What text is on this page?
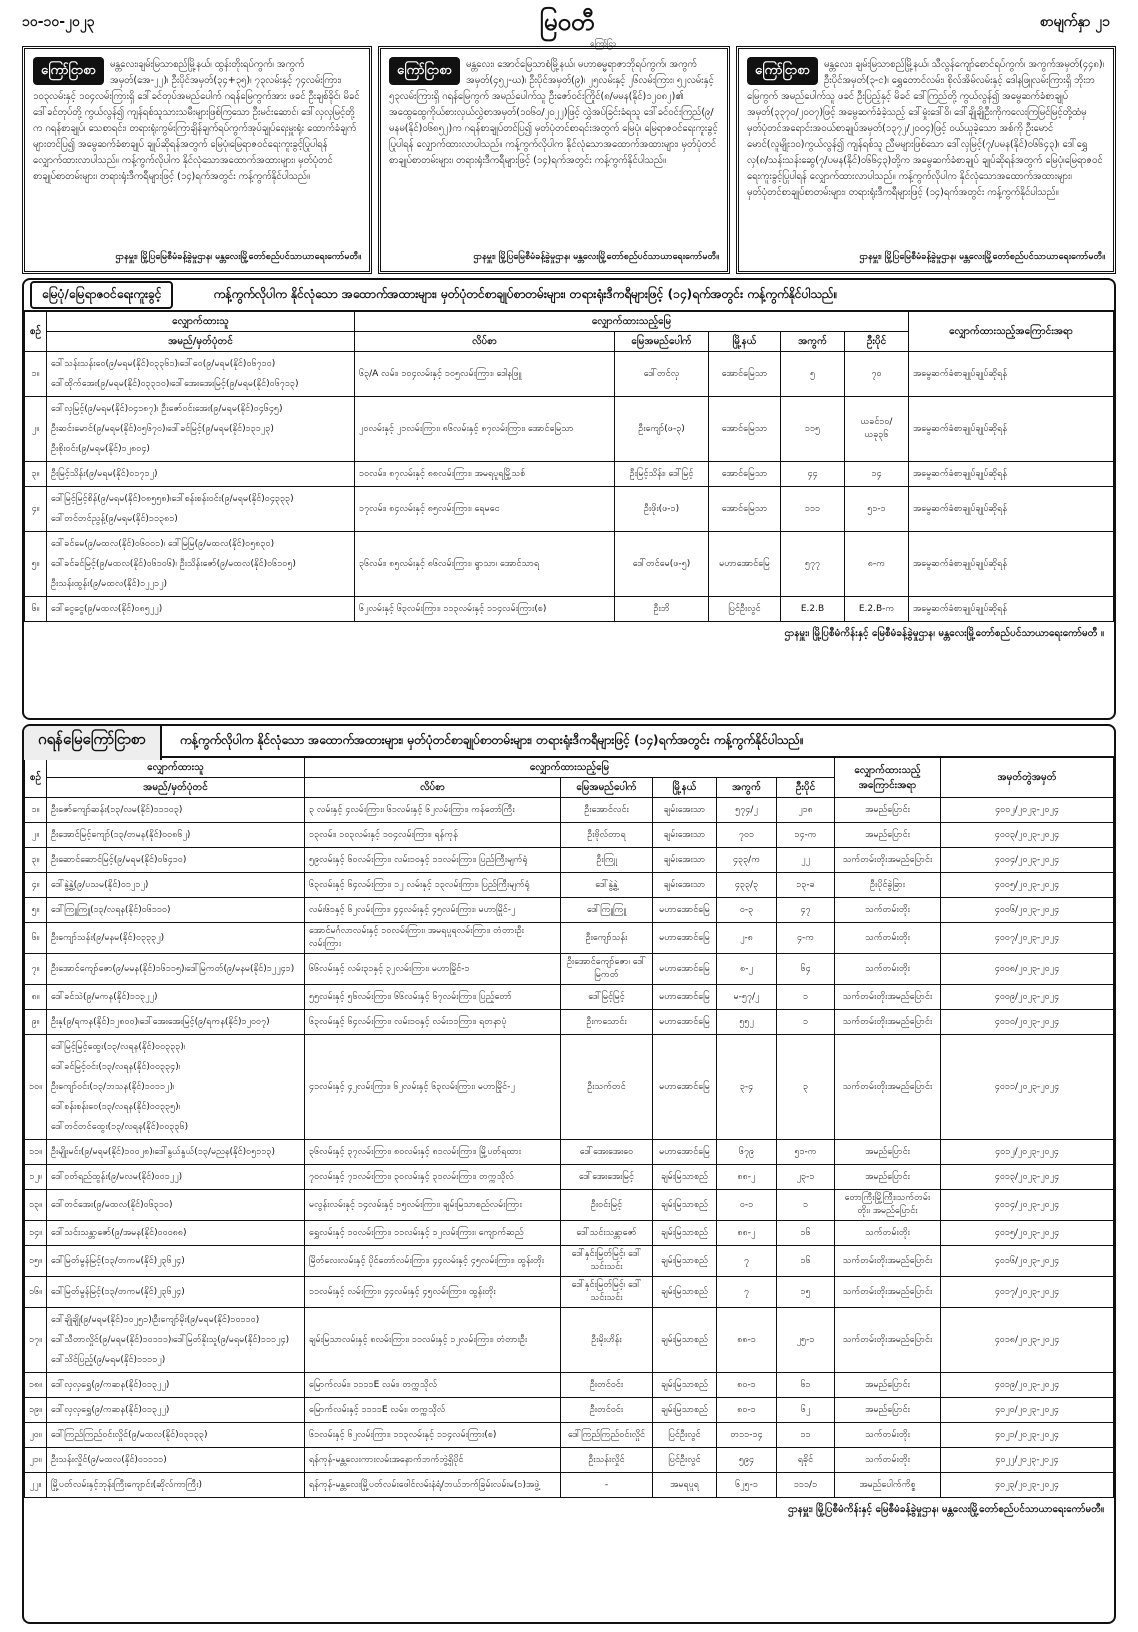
၁၀-၁၀-၂၀၂၃	မြဝတီ
ကြော်ငြာ
စာမျက်နှာ ၂၁
ကြော်ငြာစာ	မန္တလေး၊ချမ်းမြသာစည်မြို့နယ်၊ ထွန်းတိုးရပ်ကွက်၊ အကွက်အမှတ်(အေ-၂၂)၊ ဦးပိုင်အမှတ်(၃၄+၃၅)၊ ၇၃လမ်းနှင့် ၇၄လမ်းကြား၊ ၁၀၃လမ်းနှင့် ၁၀၄လမ်းကြားရှိ ဒေါ်ခင်တုပ်အမည်ပေါက် ဂရန်မြေကွက်အား ဖခင် ဦးချစ်ခိုင်၊ မိခင် ဒေါ်ခင်တုပ်တို့ ကွယ်လွန်၍ ကျန်ရစ်သူသားသမီးများဖြစ်ကြသော ဦးမင်းဆောင်၊ ဒေါ်လှလှမြင့်တို့က ဂရန်စာချုပ်၊ သေစာရင်း၊ တရားရုံးကွမ်းကြာချိန်ချက်ရပ်ကွက်အုပ်ချုပ်ရေးမှူးရုံး ထောက်ခံချက်များတင်ပြ၍ အမွေဆက်ခံစာချုပ် ချုပ်ဆိုရန်အတွက် မြေပုံ၊မြေရာဇဝင်ရေးကူးခွင့်ပြုပါရန် လျှောက်ထားလာပါသည်။ ကန့်ကွက်လိုပါက နိုင်လုံသောအထောက်အထားများ၊ မှတ်ပုံတင်စာချုပ်စာတမ်းများ၊ တရားရုံးဒီကရီများဖြင့် (၁၄)ရက်အတွင်း ကန့်ကွက်နိုင်ပါသည်။
ဌာနမှူး၊ မြို့ပြမြေစီမံခန့်ခွဲမှုဌာန၊ မန္တလေးမြို့တော်စည်ပင်သာယာရေးကော်မတီ။
ကြော်ငြာစာ	မန္တလေး၊ အောင်မြေသာစံမြို့နယ်၊ မဟာဓမ္မရာဇာဘိုရပ်ကွက်၊ အကွက်အမှတ်(၄၅၂-ဃ)၊ ဦးပိုင်အမှတ်(၉)၊ ၂၅လမ်းနှင့် ၂၆လမ်းကြား၊ ၅၂လမ်းနှင့် ၅၃လမ်းကြားရှိ ဂရန်မြေကွက် အမည်ပေါက်သူ ဦးဇော်ဝင်းကြိုင်(၈/မမန(နိုင်)၁၂၀၈၂)၏ အထွေထွေကိုယ်စားလှယ်လွှဲစာအမှတ်(၁၀၆၀/၂၀၂၂)ဖြင့် လွှဲအပ်ခြင်းခံရသူ ဒေါ်ခင်ဝင်းကြည်(၉/မနမ(နိုင်)၀၆၈၅၂)က ဂရန်စာချုပ်တင်ပြ၍ မှတ်ပုံတင်စာရင်းအတွက် မြေပုံ၊ မြေရာဇဝင်ရေးကူးခွင့်ပြုပါရန် လျှောက်ထားလာပါသည်။ ကန့်ကွက်လိုပါက နိုင်လုံသောအထောက်အထားများ၊ မှတ်ပုံတင်စာချုပ်စာတမ်းများ၊ တရားရုံးဒီကရီများဖြင့် (၁၄)ရက်အတွင်း ကန့်ကွက်နိုင်ပါသည်။
ဌာနမှူး၊ မြို့ပြမြေစီမံခန့်ခွဲမှုဌာန၊ မန္တလေးမြို့တော်စည်ပင်သာယာရေးကော်မတီ။
ကြော်ငြာစာ	မန္တလေး၊ ချမ်းမြသာစည်မြို့နယ်၊ သီလွန်ကျော်စောင်ရပ်ကွက်၊ အကွက်အမှတ်(၄၄၈)၊ ဦးပိုင်အမှတ်(၃-င)၊ ရွှေတောင်လမ်း၊ စိုလ်အိမ်လမ်းနှင့် ဒေါနဖြူလမ်းကြားရှိ ဘိုးဘမြေကွက် အမည်ပေါက်သူ ဖခင် ဦးပြည့်နှင့် မိခင် ဒေါ်ကြည်တို့ ကွယ်လွန်၍ အမွေဆက်ခံစာချုပ်အမှတ်(၃၃၇၀/၂၀၀၇)ဖြင့် အမွေဆက်ခံခဲ့သည့် ဒေါ်မှုံးဒေါ်ဝိ၊ ဒေါ်ချိုချိုဦးကိုကလေးကြမြင်မြင့်တို့ထံမှ မှတ်ပုံတင်အရောင်းအဝယ်စာချုပ်အမှတ်(၁၃၇၂/၂၀၀၄)ဖြင့် ဝယ်ယူခဲ့သော အစ်ကို ဦးမောင်မောင်(လူမျိုး၁၀)ကွယ်လွန်၍ ကျန်ရစ်သူ ညီမများဖြစ်သော ဒေါ်လှမြင့်(၇/ပမန(နိုင်)၀၆၆၄၃)၊ ဒေါ်ရွှေလှ(၈/သန်းသန်းဆွေ(၇/ပမန(နိုင်)၀၆၆၄၃)တို့က အမွေဆက်ခံစာချုပ် ချုပ်ဆိုရန်အတွက် မြေပုံ၊မြေရာဇဝင် ရေးကူးခွင့်ပြုပါရန် လျှောက်ထားလာပါသည်။ ကန့်ကွက်လိုပါက နိုင်လုံသောအထောက်အထားများ၊ မှတ်ပုံတင်စာချုပ်စာတမ်းများ၊ တရားရုံးဒီကရီများဖြင့် (၁၄)ရက်အတွင်း ကန့်ကွက်နိုင်ပါသည်။
ဌာနမှူး၊ မြို့ပြမြေစီမံခန့်ခွဲမှုဌာန၊ မန္တလေးမြို့တော်စည်ပင်သာယာရေးကော်မတီ။
မြေပုံ/မြေရာဇဝင်ရေးကူးခွင့်	ကန့်ကွက်လိုပါက နိုင်လုံသော အထောက်အထားများ၊ မှတ်ပုံတင်စာချုပ်စာတမ်းများ၊ တရားရုံးဒီကရီများဖြင့် (၁၄)ရက်အတွင်း ကန့်ကွက်နိုင်ပါသည်။
စဉ်	လျှောက်ထားသူ	လျှောက်ထားသည့်မြေ					လျှောက်ထားသည့်အကြောင်းအရာ
	အမည်/မှတ်ပုံတင်	လိပ်စာ	မြေအမည်ပေါက်	မြို့နယ်	အကွက်	ဦးပိုင်	
၁။	ဒေါ်သန်းသန်းဝေ(၉/မရမ(နိုင်)၀၃၃၆၁)၊ဒေါ်ဝေ(၉/မရမ(နိုင်)၀၆၇၁၀)
ဒေါ်ထိုက်အေး(၉/မရမ(နိုင်)၀၃၃၁၀)၊ဒေါ်အေးအေးမြင့်(၉/မရမ(နိုင်)၀၆၇၁၃)	၆၃/A လမ်း၊ ၁၀၄လမ်းနှင့် ၁၀၅လမ်းကြား၊ ဒေါနဖြူ	ဒေါ်တင်လှ	အောင်မြေသာ	၅	၇၀	အမွေဆက်ခံစာချုပ်ချုပ်ဆိုရန်
၂။	ဒေါ်လှမြင့်(၉/မရမ(နိုင်)၀၄၁၈၇)၊ ဦးဇော်ဝင်းအေး(၉/မရမ(နိုင်)၀၄၆၄၅)
ဦးဆင်းမောင်(၉/မရမ(နိုင်)၀၅၆၇၀)၊ဒေါ်ခင်မြင့်(၉/မရမ(နိုင်)၁၃၁၂၃)
ဦးစိုးဝင်း(၉/မရမ(နိုင်)၁၂၈၀၄)	၂၀လမ်းနှင့် ၂၁လမ်းကြား၊ ၈၆လမ်းနှင့် ၈၇လမ်းကြား၊ အောင်မြေသာ	ဦးကျော်(ဖ-၃)	အောင်မြေသာ	၁၁၅	ယခင်၁၀/ယခု၃၆	အမွေဆက်ခံစာချုပ်ချုပ်ဆိုရန်
၃။	ဦးမြင့်သိန်း(၉/မရမ(နိုင်)၀၁၇၁၂)	၁၀လမ်း၊ ၈၇လမ်းနှင့် ၈၈လမ်းကြား၊ အမရပူရမြို့သစ်	ဦးမြင့်သိန်း၊ ဒေါ်မြင့်	အောင်မြေသာ	၄၄	၁၄	အမွေဆက်ခံစာချုပ်ချုပ်ဆိုရန်
၄။	ဒေါ်မြင့်မြင့်စိန်(၉/မရမ(နိုင်)၀၈၅၅၈)၊ဒေါ်စန်းစန်းဝင်း(၉/မရမ(နိုင်)၀၄၃၃၃)
ဒေါ်တင်တင်ညွန့်(၉/မရမ(နိုင်)၁၁၃၈၁)	၁၇လမ်း၊ ၈၄လမ်းနှင့် ၈၅လမ်းကြား၊ ရေမငေ	ဦးဖိုး(ဖ-၁)	အောင်မြေသာ	၁၁၁	၅၁-၁	အမွေဆက်ခံစာချုပ်ချုပ်ဆိုရန်
၅။	ဒေါ်ခင်မေ(၉/မထလ(နိုင်)၀၆၀၀၁)၊ ဒေါ်မြမြ(၉/မထလ(နိုင်)၀၅၈၃၀)
ဒေါ်ခင်ခင်မြင့်(၉/မထလ(နိုင်)၀၆၁၀၆)၊ ဦးသိန်းဇော်(၉/မထလ(နိုင်)၀၆၁၀၅)
ဦးသန်းထွန်း(၉/မထလ(နိုင်)၁၂၂၁၂)	၃၆လမ်း၊ ၈၅လမ်းနှင့် ၈၆လမ်းကြား၊ ရွာသာ၊ အောင်သာရ	ဒေါ်တင်မေ(ဖ-၅)	မဟာအောင်မြေ	၅၇၇	၈-က	အမွေဆက်ခံစာချုပ်ချုပ်ဆိုရန်
၆။	ဒေါ်ငွေငွေ(၉/မထလ(နိုင်)၀၈၅၂၂)	၆၂လမ်းနှင့် ၆၃လမ်းကြား၊ ၁၁၃လမ်းနှင့် ၁၁၄လမ်းကြား(စ)	ဦးဘိ	ပြင်ဦးလွင်	E.2.B	E.2.B-က	အမွေဆက်ခံစာချုပ်ချုပ်ဆိုရန်
ဌာနမှူး၊ မြို့ပြစီမံကိန်းနှင့် မြေစီမံခန့်ခွဲမှုဌာန၊ မန္တလေးမြို့တော်စည်ပင်သာယာရေးကော်မတီ ။
ဂရန်မြေကြော်ငြာစာ	ကန့်ကွက်လိုပါက နိုင်လုံသော အထောက်အထားများ၊ မှတ်ပုံတင်စာချုပ်စာတမ်းများ၊ တရားရုံးဒီကရီများဖြင့် (၁၄)ရက်အတွင်း ကန့်ကွက်နိုင်ပါသည်။
စဉ်	လျှောက်ထားသူ	လျှောက်ထားသည့်မြေ					လျှောက်ထားသည့် အကြောင်းအရာ	အမှတ်တွဲအမှတ်
	အမည်/မှတ်ပုံတင်	လိပ်စာ	မြေအမည်ပေါက်	မြို့နယ်	အကွက်	ဦးပိုင်		
၁။	ဦးဇော်ကျော်ဆန်း(၁၃/လမ(နိုင်)၁၁၁၀၃)	၃ လမ်းနှင့် ၄လမ်းကြား၊ ၆၁လမ်းနှင့် ၆၂လမ်းကြား၊ ကန်တော်ကြီး	ဦးအောင်လင်း	ချမ်းအေးသာ	၅၇၄/၂	၂၁၈	အမည်ပြောင်း	၄၀၀၂/၂၀၂၃-၂၀၂၄
၂။	ဦးအောင်မြင့်ကျော်(၁၃/တမန(နိုင်)၀၀၈၆၂)	၁၃လမ်း၊ ၁၀၃လမ်းနှင့် ၁၀၄လမ်းကြား၊ ရန်ကုန်	ဦးဗိုလ်တာရ	ချမ်းအေးသာ	၇၀၁	၁၄-က	အမည်ပြောင်း	၄၀၀၃/၂၀၂၃-၂၀၂၄
၃။	ဦးဆောင်ဆောင်မြင့်(၉/မရမ(နိုင်)၀၆၄၁၀)	၅၉လမ်းနှင့် ၆၀လမ်းကြား၊ လမ်း၁၀နှင့် ၁၁လမ်းကြား၊ ပြည်ကြီးမျက်ရုံ	ဦးကြူ	ချမ်းအေးသာ	၄၃၃/က	၂၂	သက်တမ်းတိုးအမည်ပြောင်း	၄၀၀၄/၂၀၂၃-၂၀၂၄
၄။	ဒေါ်နွဲ့နွဲ့(၉/ပသမ(နိုင်)၀၁၂၁၂)	၆၃လမ်းနှင့် ၆၄လမ်းကြား၊ ၁၂ လမ်းနှင့် ၁၃လမ်းကြား၊ ပြည်ကြီးမျက်ရုံ	ဒေါ်နွဲ့နွဲ့	ချမ်းအေးသာ	၄၃၃/၃	၁၃-ခ	ဦးပိုင်ခွဲခြား	၄၀၀၅/၂၀၂၃-၂၀၂၄
၅။	ဒေါ်ကြူကြူ(၁၃/လရန(နိုင်)၀၆၁၁၀)	လမ်း၆၁နှင့် ၆၂လမ်းကြား၊ ၄၄လမ်းနှင့် ၄၅လမ်းကြား၊ မဟာမြိုင်-၂	ဒေါ်ကြူကြူ	မဟာအောင်မြေ	ဝ-၃	၄၇	သက်တမ်းတိုး	၄၀၀၆/၂၀၂၃-၂၀၂၄
၆။	ဦးကျော်သန်း(၉/မနမ(နိုင်)၀၃၃၃၂)	အောင်မင်္ဂလာလမ်းနှင့် ၁၀လမ်းကြား၊ အမရပူရလမ်းကြား၊ တံတားဦးလမ်းကြား	ဦးကျော်သန်း	မဟာအောင်မြေ	၂-၈	၄-က	သက်တမ်းတိုး	၄၀၀၇/၂၀၂၃-၂၀၂၄
၇။	ဦးအောင်ကျော်ဇော(၉/မမန(နိုင်)၁၆၁၁၅)၊ဒေါ်မြကတ်(၉/မနမ(နိုင်)၁၂၂၄၁)	၆၆လမ်းနှင့် လမ်း၃၁နှင့် ၃၂လမ်းကြား၊ မဟာမြိုင်-၁	ဦးအောင်ကျော်ဇော၊ ဒေါ်မြကတ်	မဟာအောင်မြေ	၈-၂	၆၄	သက်တမ်းတိုး	၄၀၀၈/၂၀၂၃-၂၀၂၄
၈။	ဒေါ်ခင်သဲ(၉/မကန(နိုင်)၁၁၃၂၂)	၅၅လမ်းနှင့် ၅၆လမ်းကြား၊ ၆၆လမ်းနှင့် ၆၇လမ်းကြား၊ ပြည့်တော်	ဒေါ်မြင့်မြင့်	မဟာအောင်မြေ	မ-၅၇/၂	၁	သက်တမ်းတိုးအမည်ပြောင်း	၄၀၀၉/၂၀၂၃-၂၀၂၄
၉။	ဦးနု(၉/ရကန(နိုင်)၁၂၈၀၀)၊ဒေါ်အေးအေးမြင့်(၉/ရကန(နိုင်)၁၂၀၀၇)	၆၃လမ်းနှင့် ၆၄လမ်းကြား၊ လမ်း၁၀နှင့် လမ်း၁၁ကြား၊ ရတနာပုံ	ဦးကသောင်း	မဟာအောင်မြေ	၅၅၂	၁	သက်တမ်းတိုးအမည်ပြောင်း	၄၀၁၀/၂၀၂၃-၂၀၂၄
၁၀။	ဒေါ်မြင့်မြင့်ထွေး(၁၃/လရန(နိုင်)၀၀၃၃၃)၊
ဒေါ်ခင်မြင့်ဝင်း(၁၃/လရန(နိုင်)၀၀၃၃၄)၊
ဦးကျော်ဝင်း(၁၃/ဘသန(နိုင်)၁၀၁၁၂)၊
ဒေါ်စန်းစန်းဝေ(၁၃/လရန(နိုင်)၀၀၃၃၅)၊
ဒေါ်တင်တင်ထွေး(၁၃/လရန(နိုင်)၀၀၃၃၆)	၄၁လမ်းနှင့် ၄၂လမ်းကြား၊ ၆၂လမ်းနှင့် ၆၃လမ်းကြား၊ မဟာမြိုင်-၂	ဦးသက်တင်	မဟာအောင်မြေ	၃-၄	၃	သက်တမ်းတိုးအမည်ပြောင်း	၄၀၁၁/၂၀၂၃-၂၀၂၄
၁၁။	ဦးမျိုးမင်း(၉/မရမ(နိုင်)၁၀၀၂၈)၊ဒေါ်နွယ်နွယ်(၁၃/မညန(နိုင်)၀၅၁၁၃)	၃၆လမ်းနှင့် ၃၇လမ်းကြား၊ ၈၀လမ်းနှင့် ၈၁လမ်းကြား၊ မြို့ပတ်ရထား	ဒေါ်အေးအေးဝေ	မဟာအောင်မြေ	၆၇၉	၅၁-က	အမည်ပြောင်း	၄၀၁၂/၂၀၂၃-၂၀၂၄
၁၂။	ဒေါ်ဝတ်ရည်ထွန်း(၉/မလမ(နိုင်)၀၀၁၂၂)	၇၀လမ်းနှင့် ၇၁လမ်းကြား၊ ၃၀လမ်းနှင့် ၃၁လမ်းကြား၊ တက္ကသိုလ်	ဒေါ်အေးအေးမြင့်	ချမ်းမြသာစည်	၈၈-၂	၂၃-၁	အမည်ပြောင်း	၄၀၁၃/၂၀၂၃-၂၀၂၄
၁၃။	ဒေါ်တင်အေး(၉/မထလ(နိုင်)၀၆၃၁၀)	မလွန်းလမ်းနှင့် ၁၄လမ်းနှင့် ၁၅လမ်းကြား၊ ချမ်းမြသာစည်လမ်းကြား	ဦးဝင်းမြင့်	ချမ်းမြသာစည်	၀-၁	၁	တောကြီးမြို့ကြီး၊သက်တမ်းတိုး၊ အမည်ပြောင်း	၄၀၁၄/၂၀၂၃-၂၀၂၄
၁၄။	ဒေါ်သင်းသန္တာဇော်(၉/အမန(နိုင်)၀၀၀၈၈)	ရွှေလမ်းနှင့် ၁၀လမ်းကြား၊ ၁၁လမ်းနှင့် ၁၂လမ်းကြား၊ ကျောက်ဆည်	ဒေါ်သင်းသန္တာဇော်	ချမ်းမြသာစည်	၈၈-၂	၁၆	သက်တမ်းတိုး	၄၀၁၅/၂၀၂၃-၂၀၂၄
၁၅။	ဒေါ်မြတ်မွန်မြင့်(၁၃/တကမ(နိုင်)၂၃၆၂၄)	မြိတ်လေးလမ်းနှင့် ပိုင်တော်လမ်းကြား၊ ၄၄လမ်းနှင့် ၄၅လမ်းကြား၊ ထွန်းတိုး	ဒေါ်နှင်းမြတ်မြင့်၊ ဒေါ်သင်းသင်း	ချမ်းမြသာစည်	၇	၁၆	သက်တမ်းတိုးအမည်ပြောင်း	၄၀၁၆/၂၀၂၃-၂၀၂၄
၁၆။	ဒေါ်မြတ်မွန်မြင့်(၁၃/တကမ(နိုင်)၂၃၆၂၄)	၁၁လမ်းနှင့် လမ်းကြား၊ ၄၄လမ်းနှင့် ၄၅လမ်းကြား၊ ထွန်းတိုး	ဒေါ်နှင်းမြတ်မြင့်၊ ဒေါ်သင်းသင်း	ချမ်းမြသာစည်	၇	၁၅	သက်တမ်းတိုးအမည်ပြောင်း	၄၀၁၇/၂၀၂၃-၂၀၂၄
၁၇။	ဒေါ်ချိုချို(၉/မရမ(နိုင်)၁၀၂၅၁)၊ဦးကျော်မိုး(၉/မရမ(နိုင်)၁၀၁၁၀)
ဒေါ်သီတာလှိုင်(၉/မရမ(နိုင်)၁၀၁၁၁)၊ဒေါ်မြတ်နိုးသူ(၉/မရမ(နိုင်)၁၁၁၂၄)
ဒေါ်သိင်ပြည့်(၉/မရမ(နိုင်)၁၁၁၁၂)	ချမ်းမြသာလမ်းနှင့် ၈လမ်းကြား၊ ၁၁လမ်းနှင့် ၁၂လမ်းကြား၊ တံတားဦး	ဦးမိုးဟိန်း	ချမ်းမြသာစည်	၈၈-၁	၂၅-၁	သက်တမ်းတိုးအမည်ပြောင်း	၄၀၁၈/၂၀၂၃-၂၀၂၄
၁၈။	ဒေါ်လှလှရွှေ(၉/ကဆန(နိုင်)၀၁၃၂၂)	မြောက်လမ်း၊ ၁၁၁၁E လမ်း၊ တက္ကသိုလ်	ဦးတင်ဝင်း	ချမ်းမြသာစည်	၈၀-၁	၆၁	အမည်ပြောင်း	၄၀၁၉/၂၀၂၃-၂၀၂၄
၁၉။	ဒေါ်လှလှရွှေ(၉/ကဆန(နိုင်)၀၁၃၂၂)	မြောက်လမ်းနှင့် ၁၁၁၁E လမ်း၊ တက္ကသိုလ်	ဦးတင်ဝင်း	ချမ်းမြသာစည်	၈၀-၁	၆၂	အမည်ပြောင်း	၄၀၂၀/၂၀၂၃-၂၀၂၄
၂၀။	ဒေါ်ကြည်ကြည်ဝင်းလှိုင်(၉/မထလ(နိုင်)၀၃၁၃၃)	၆၁လမ်းနှင့် ၆၂လမ်းကြား၊ ၁၁၃လမ်းနှင့် ၁၁၄လမ်းကြား(စ)	ဒေါ်ကြည်ကြည်ဝင်းလှိုင်	ပြင်ဦးလွင်	တ၁၁-၁၄	၁၁	သက်တမ်းတိုး	၄၀၂၁/၂၀၂၃-၂၀၂၄
၂၁။	ဦးသန်းလှိုင်(၉/မထလ(နိုင်)၀၁၁၁၁)	ရန်ကုန်-မန္တလေးကားလမ်းအနောက်ဘက်ဘွဲ့ရှိပိုင်	ဦးသန်းလှိုင်	ပြင်ဦးလွင်	၅၉၄	ရခိုင်	သက်တမ်းတိုး	၄၀၂၂/၂၀၂၃-၂၀၂၄
၂၂။	မြို့ပတ်လမ်းနှင့်ဘုန်းကြီးကျောင်း(ဆိုလ်ကာကြီး)	ရန်ကုန်-မန္တလေးမြို့ပတ်လမ်းဖေါင်လမ်းနံရံ/ဘယ်ဘက်ခြမ်းလမ်းမ(၁)အဖွဲ့	-	အမရပူရ	၆၂၅-၁	၁၁၁/၁	အမည်ပေါက်ကိစ္စ	၄၀၂၃/၂၀၂၃-၂၀၂၄
ဌာနမှူး၊ မြို့ပြစီမံကိန်းနှင့် မြေစီမံခန့်ခွဲမှုဌာန၊ မန္တလေးမြို့တော်စည်ပင်သာယာရေးကော်မတီ။
